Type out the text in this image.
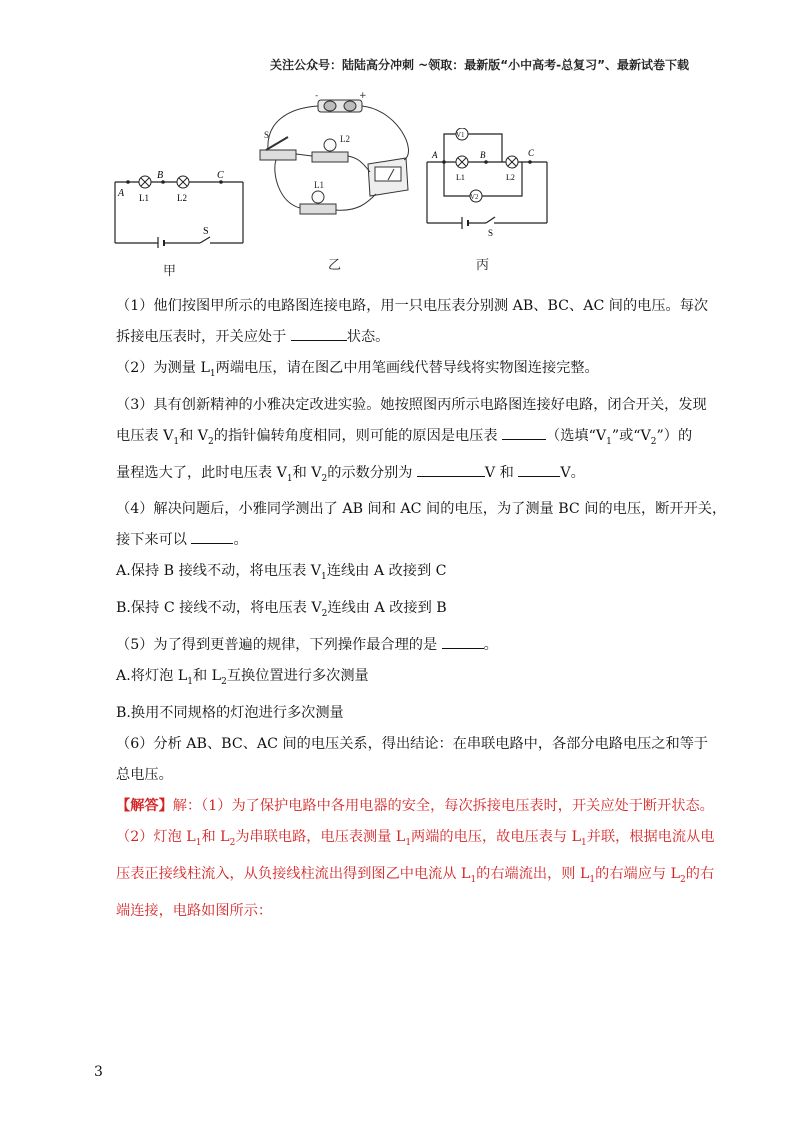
关注公众号：陆陆高分冲刺 ~领取：最新版“小中高考-总复习”、最新试卷下载
A
B	C
L1	L2
S
甲
-	+
S	L2
L1
乙
V1
V2
A	B	C
L1	L2
S
丙
（1）他们按图甲所示的电路图连接电路，用一只电压表分别测 AB、BC、AC 间的电压。每次
拆接电压表时，开关应处于	状态。
（2）为测量 $L_1$两端电压，请在图乙中用笔画线代替导线将实物图连接完整。
（3）具有创新精神的小雅决定改进实验。她按照图丙所示电路图连接好电路，闭合开关，发现
电压表 $V_1$和 $V_2$的指针偏转角度相同，则可能的原因是电压表	（选填“$V_1$”或“$V_2$”）的
量程选大了，此时电压表 $V_1$和 $V_2$的示数分别为	V 和	V。
（4）解决问题后，小雅同学测出了 AB 间和 AC 间的电压，为了测量 BC 间的电压，断开开关，
接下来可以	。
A.保持 B 接线不动，将电压表 $V_1$连线由 A 改接到 C
B.保持 C 接线不动，将电压表 $V_2$连线由 A 改接到 B
（5）为了得到更普遍的规律，下列操作最合理的是	。
A.将灯泡 $L_1$和 $L_2$互换位置进行多次测量
B.换用不同规格的灯泡进行多次测量
（6）分析 AB、BC、AC 间的电压关系，得出结论：在串联电路中，各部分电路电压之和等于
总电压。
【解答】解：（1）为了保护电路中各用电器的安全，每次拆接电压表时，开关应处于断开状态。
（2）灯泡 $L_1$和 $L_2$为串联电路，电压表测量 $L_1$两端的电压，故电压表与 $L_1$并联，根据电流从电
压表正接线柱流入，从负接线柱流出得到图乙中电流从 $L_1$的右端流出，则 $L_1$的右端应与 $L_2$的右
端连接，电路如图所示：
3
